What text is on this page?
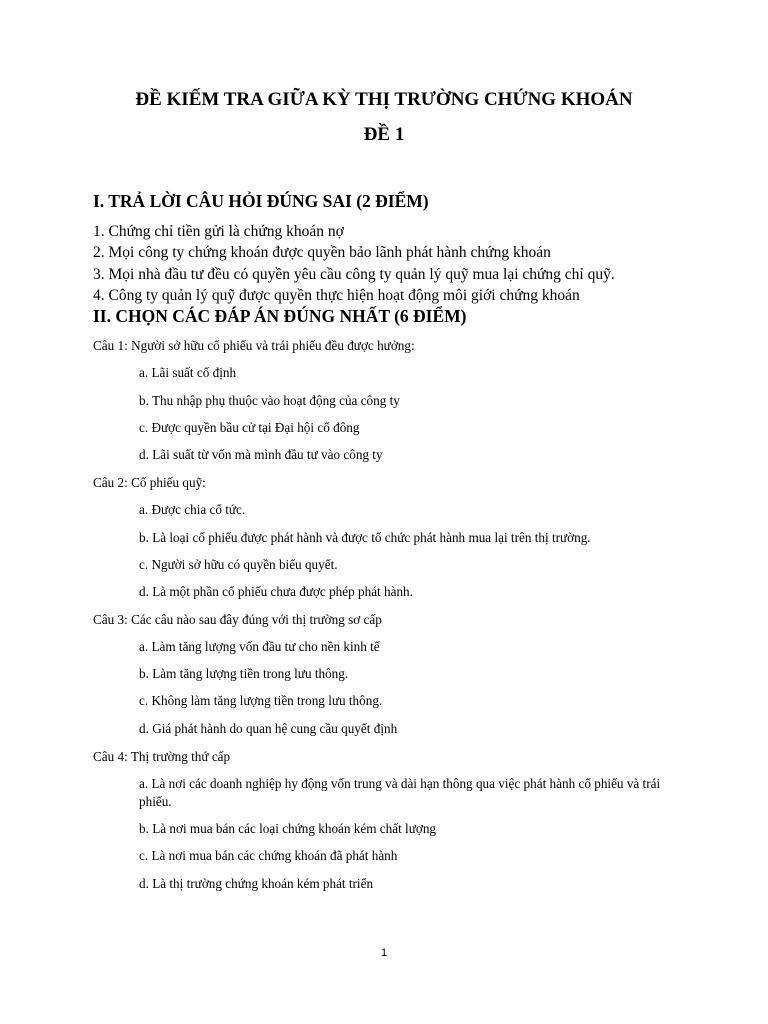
ĐỀ KIẾM TRA GIỮA KỲ THỊ TRƯỜNG CHỨNG KHOÁN
ĐỀ 1
I. TRẢ LỜI CÂU HỎI ĐÚNG SAI (2 ĐIỂM)
1. Chứng chỉ tiền gửi là chứng khoán nợ
2. Mọi công ty chứng khoán được quyền bảo lãnh phát hành chứng khoán
3. Mọi nhà đầu tư đều có quyền yêu cầu công ty quản lý quỹ mua lại chứng chỉ quỹ.
4. Công ty quản lý quỹ được quyền thực hiện hoạt động môi giới chứng khoán
II. CHỌN CÁC ĐÁP ÁN ĐÚNG NHẤT (6 ĐIỂM)
Câu 1: Người sở hữu cổ phiếu và trái phiếu đều được hưởng:
a. Lãi suất cố định
b. Thu nhập phụ thuộc vào hoạt động của công ty
c. Được quyền bầu cử tại Đại hội cổ đông
d. Lãi suất từ vốn mà mình đầu tư vào công ty
Câu 2: Cổ phiếu quỹ:
a. Được chia cổ tức.
b. Là loại cổ phiếu được phát hành và được tổ chức phát hành mua lại trên thị trường.
c. Người sở hữu có quyền biểu quyết.
d. Là một phần cổ phiếu chưa được phép phát hành.
Câu 3: Các câu nào sau đây đúng với thị trường sơ cấp
a. Làm tăng lượng vốn đầu tư cho nền kinh tế
b. Làm tăng lượng tiền trong lưu thông.
c. Không làm tăng lượng tiền trong lưu thông.
d. Giá phát hành do quan hệ cung cầu quyết định
Câu 4: Thị trường thứ cấp
a. Là nơi các doanh nghiệp hy động vốn trung và dài hạn thông qua việc phát hành cổ phiếu và trái phiếu.
b. Là nơi mua bán các loại chứng khoán kém chất lượng
c. Là nơi mua bán các chứng khoán đã phát hành
d. Là thị trường chứng khoán kém phát triển
1
